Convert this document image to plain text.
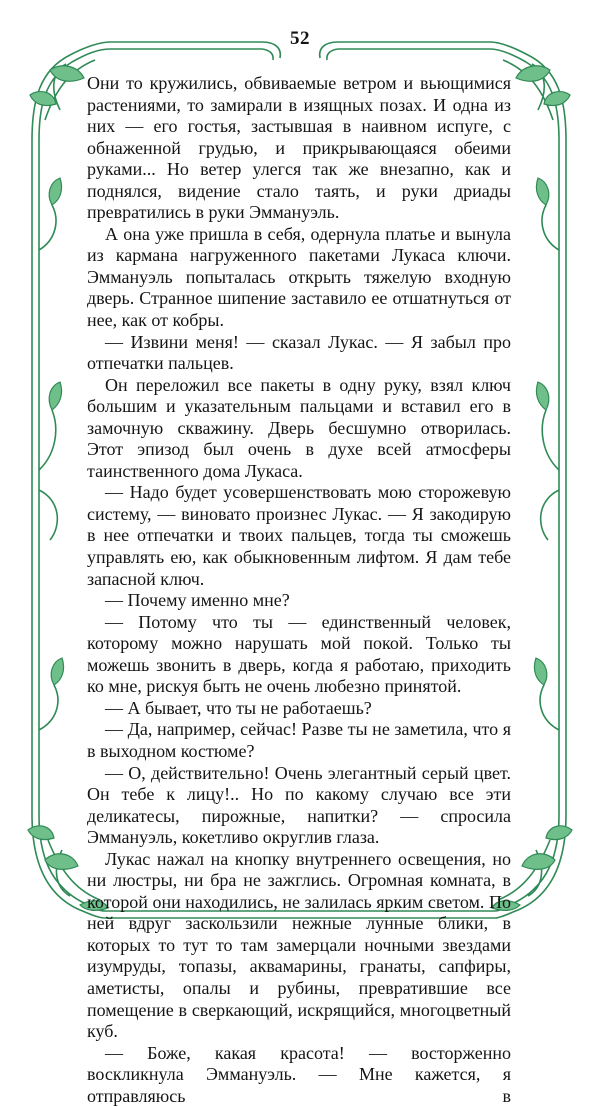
52

Они то кружились, обвиваемые ветром и вьющимися растениями, то замирали в изящных позах. И одна из них — его гостья, застывшая в наивном испуге, с обнаженной грудью, и прикрывающаяся обеими руками... Но ветер улегся так же внезапно, как и поднялся, видение стало таять, и руки дриады превратились в руки Эммануэль.

А она уже пришла в себя, одернула платье и вынула из кармана нагруженного пакетами Лукаса ключи. Эммануэль попыталась открыть тяжелую входную дверь. Странное шипение заставило ее отшатнуться от нее, как от кобры.

— Извини меня! — сказал Лукас. — Я забыл про отпечатки пальцев.

Он переложил все пакеты в одну руку, взял ключ большим и указательным пальцами и вставил его в замочную скважину. Дверь бесшумно отворилась. Этот эпизод был очень в духе всей атмосферы таинственного дома Лукаса.

— Надо будет усовершенствовать мою сторожевую систему, — виновато произнес Лукас. — Я закодирую в нее отпечатки и твоих пальцев, тогда ты сможешь управлять ею, как обыкновенным лифтом. Я дам тебе запасной ключ.

— Почему именно мне?

— Потому что ты — единственный человек, которому можно нарушать мой покой. Только ты можешь звонить в дверь, когда я работаю, приходить ко мне, рискуя быть не очень любезно принятой.

— А бывает, что ты не работаешь?

— Да, например, сейчас! Разве ты не заметила, что я в выходном костюме?

— О, действительно! Очень элегантный серый цвет. Он тебе к лицу!.. Но по какому случаю все эти деликатесы, пирожные, напитки? — спросила Эммануэль, кокетливо округлив глаза.

Лукас нажал на кнопку внутреннего освещения, но ни люстры, ни бра не зажглись. Огромная комната, в которой они находились, не залилась ярким светом. По ней вдруг заскользили нежные лунные блики, в которых то тут то там замерцали ночными звездами изумруды, топазы, аквамарины, гранаты, сапфиры, аметисты, опалы и рубины, превратившие все помещение в сверкающий, искрящийся, многоцветный куб.

— Боже, какая красота! — восторженно воскликнула Эммануэль. — Мне кажется, я отправляюсь в
